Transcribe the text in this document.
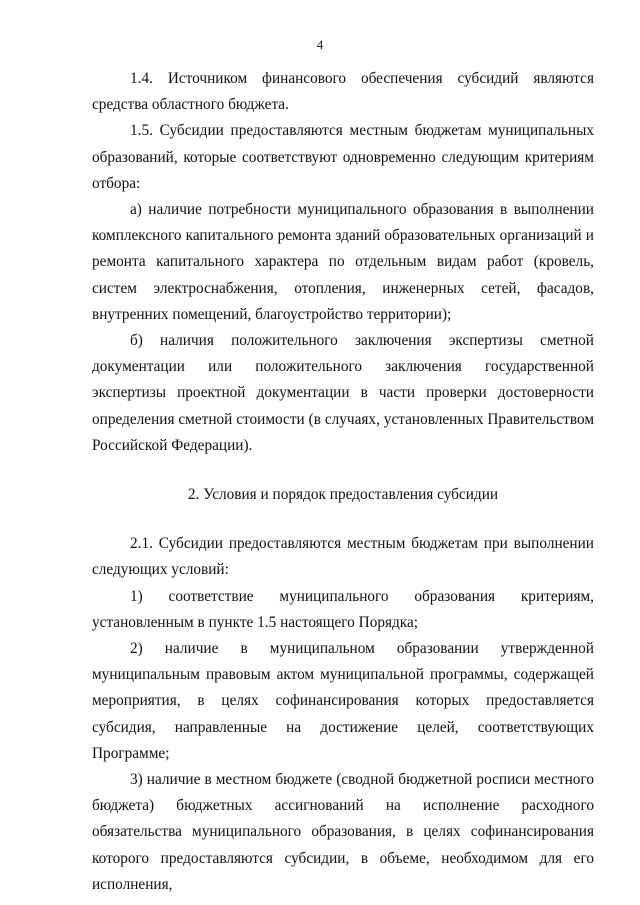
4

1.4. Источником финансового обеспечения субсидий являются средства областного бюджета.

1.5. Субсидии предоставляются местным бюджетам муниципальных образований, которые соответствуют одновременно следующим критериям отбора:

а) наличие потребности муниципального образования в выполнении комплексного капитального ремонта зданий образовательных организаций и ремонта капитального характера по отдельным видам работ (кровель, систем электроснабжения, отопления, инженерных сетей, фасадов, внутренних помещений, благоустройство территории);

б) наличия положительного заключения экспертизы сметной документации или положительного заключения государственной экспертизы проектной документации в части проверки достоверности определения сметной стоимости (в случаях, установленных Правительством Российской Федерации).

2. Условия и порядок предоставления субсидии

2.1. Субсидии предоставляются местным бюджетам при выполнении следующих условий:

1) соответствие муниципального образования критериям, установленным в пункте 1.5 настоящего Порядка;

2) наличие в муниципальном образовании утвержденной муниципальным правовым актом муниципальной программы, содержащей мероприятия, в целях софинансирования которых предоставляется субсидия, направленные на достижение целей, соответствующих Программе;

3) наличие в местном бюджете (сводной бюджетной росписи местного бюджета) бюджетных ассигнований на исполнение расходного обязательства муниципального образования, в целях софинансирования которого предоставляются субсидии, в объеме, необходимом для его исполнения,
